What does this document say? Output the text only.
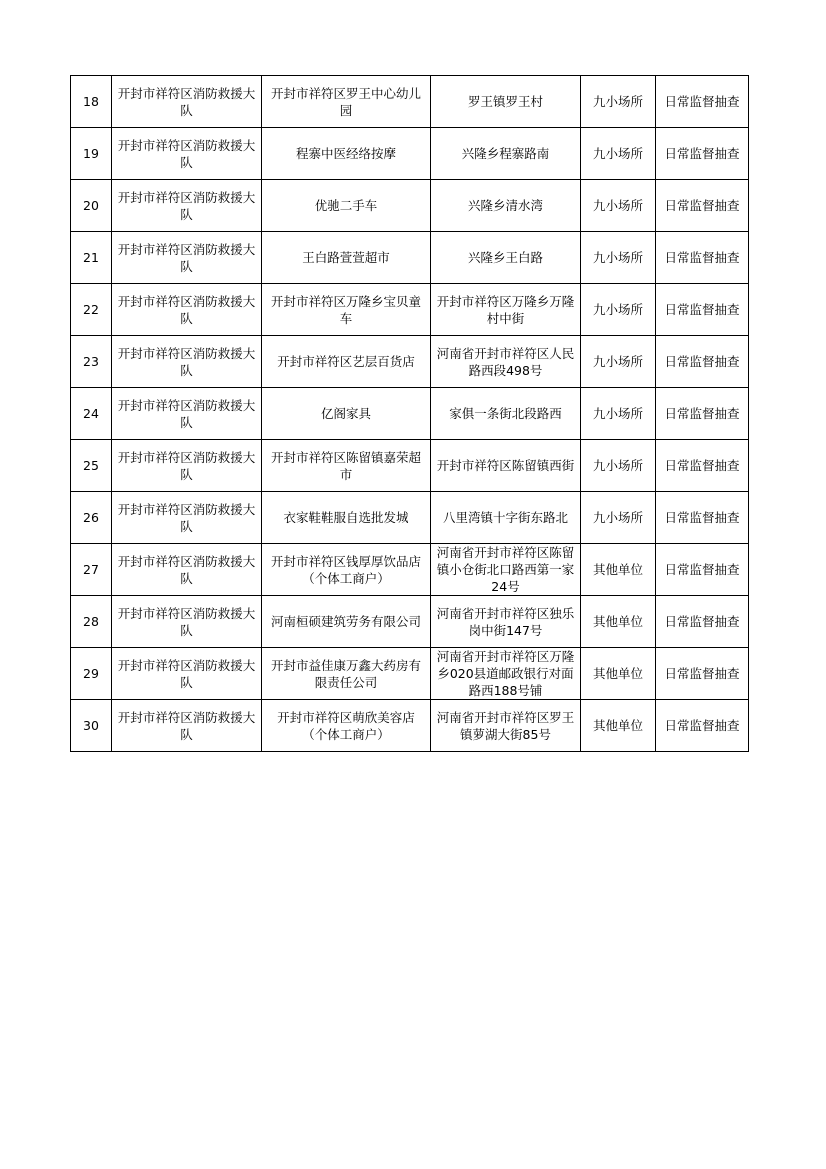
18	开封市祥符区消防救援大队	开封市祥符区罗王中心幼儿园	罗王镇罗王村	九小场所	日常监督抽查
19	开封市祥符区消防救援大队	程寨中医经络按摩	兴隆乡程寨路南	九小场所	日常监督抽查
20	开封市祥符区消防救援大队	优驰二手车	兴隆乡清水湾	九小场所	日常监督抽查
21	开封市祥符区消防救援大队	王白路萱萱超市	兴隆乡王白路	九小场所	日常监督抽查
22	开封市祥符区消防救援大队	开封市祥符区万隆乡宝贝童车	开封市祥符区万隆乡万隆村中街	九小场所	日常监督抽查
23	开封市祥符区消防救援大队	开封市祥符区艺层百货店	河南省开封市祥符区人民路西段498号	九小场所	日常监督抽查
24	开封市祥符区消防救援大队	亿阁家具	家俱一条街北段路西	九小场所	日常监督抽查
25	开封市祥符区消防救援大队	开封市祥符区陈留镇嘉荣超市	开封市祥符区陈留镇西街	九小场所	日常监督抽查
26	开封市祥符区消防救援大队	衣家鞋鞋服自选批发城	八里湾镇十字街东路北	九小场所	日常监督抽查
27	开封市祥符区消防救援大队	开封市祥符区钱厚厚饮品店（个体工商户）	河南省开封市祥符区陈留镇小仓街北口路西第一家24号	其他单位	日常监督抽查
28	开封市祥符区消防救援大队	河南桓硕建筑劳务有限公司	河南省开封市祥符区独乐岗中街147号	其他单位	日常监督抽查
29	开封市祥符区消防救援大队	开封市益佳康万鑫大药房有限责任公司	河南省开封市祥符区万隆乡020县道邮政银行对面路西188号铺	其他单位	日常监督抽查
30	开封市祥符区消防救援大队	开封市祥符区萌欣美容店（个体工商户）	河南省开封市祥符区罗王镇萝湖大街85号	其他单位	日常监督抽查
